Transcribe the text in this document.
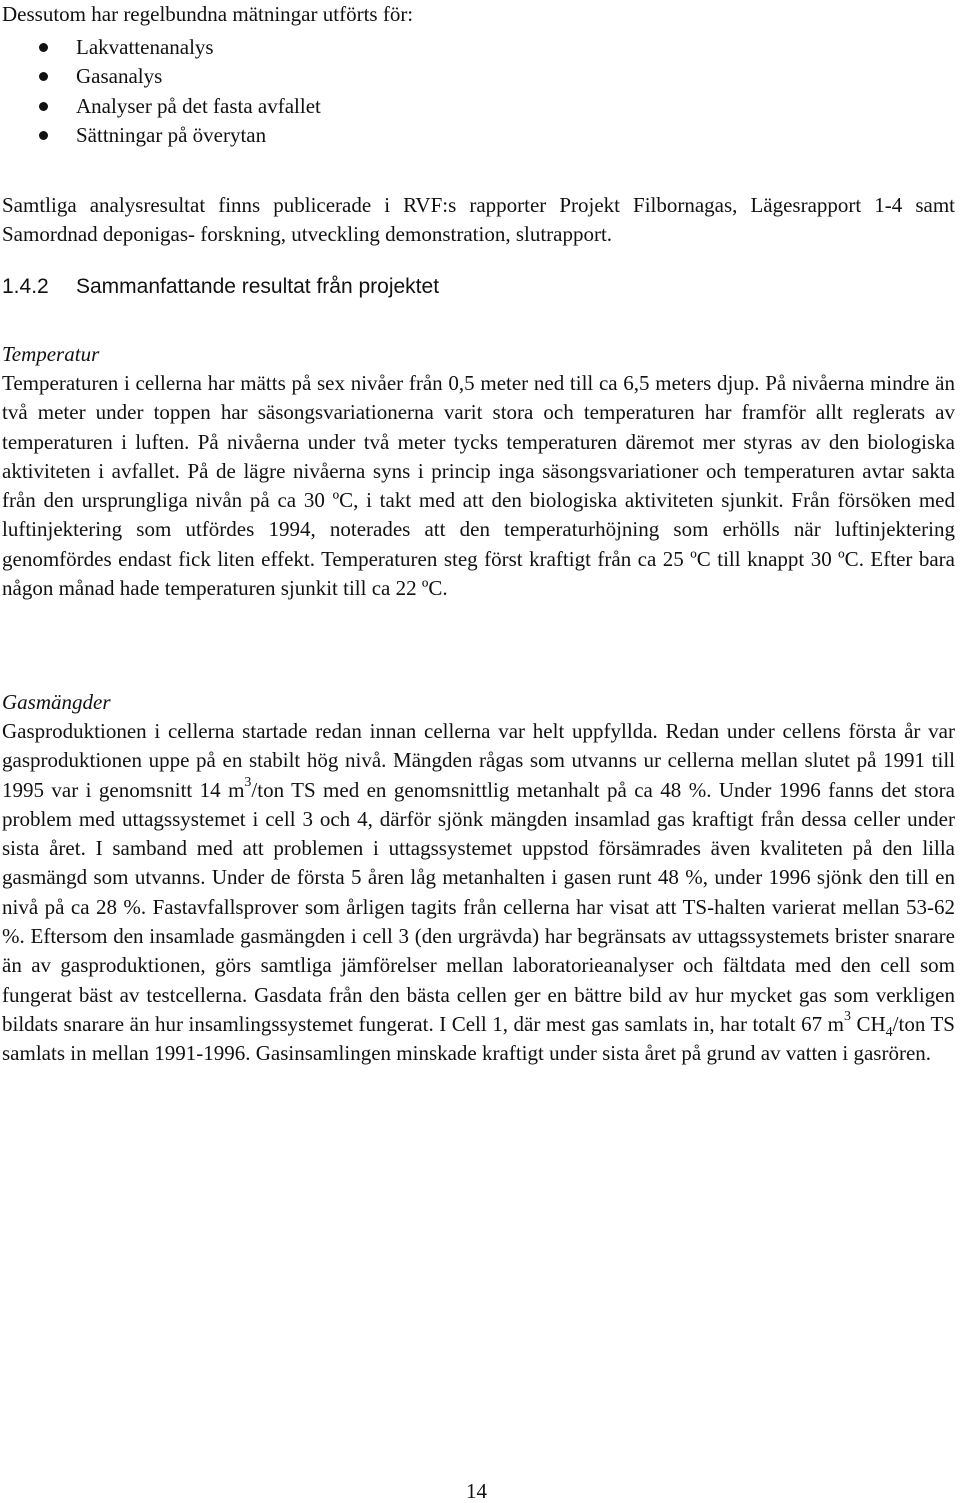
Dessutom har regelbundna mätningar utförts för:

Lakvattenanalys
Gasanalys
Analyser på det fasta avfallet
Sättningar på överytan

Samtliga analysresultat finns publicerade i RVF:s rapporter Projekt Filbornagas, Lägesrapport 1-4 samt Samordnad deponigas- forskning, utveckling demonstration, slutrapport.

1.4.2 Sammanfattande resultat från projektet

Temperatur

Temperaturen i cellerna har mätts på sex nivåer från 0,5 meter ned till ca 6,5 meters djup. På nivåerna mindre än två meter under toppen har säsongsvariationerna varit stora och temperaturen har framför allt reglerats av temperaturen i luften. På nivåerna under två meter tycks temperaturen däremot mer styras av den biologiska aktiviteten i avfallet. På de lägre nivåerna syns i princip inga säsongsvariationer och temperaturen avtar sakta från den ursprungliga nivån på ca 30 ºC, i takt med att den biologiska aktiviteten sjunkit. Från försöken med luftinjektering som utfördes 1994, noterades att den temperaturhöjning som erhölls när luftinjektering genomfördes endast fick liten effekt. Temperaturen steg först kraftigt från ca 25 ºC till knappt 30 ºC. Efter bara någon månad hade temperaturen sjunkit till ca 22 ºC.

Gasmängder

Gasproduktionen i cellerna startade redan innan cellerna var helt uppfyllda. Redan under cellens första år var gasproduktionen uppe på en stabilt hög nivå. Mängden rågas som utvanns ur cellerna mellan slutet på 1991 till 1995 var i genomsnitt 14 $m^3$/ton TS med en genomsnittlig metanhalt på ca 48 %. Under 1996 fanns det stora problem med uttagssystemet i cell 3 och 4, därför sjönk mängden insamlad gas kraftigt från dessa celler under sista året. I samband med att problemen i uttagssystemet uppstod försämrades även kvaliteten på den lilla gasmängd som utvanns. Under de första 5 åren låg metanhalten i gasen runt 48 %, under 1996 sjönk den till en nivå på ca 28 %. Fastavfallsprover som årligen tagits från cellerna har visat att TS-halten varierat mellan 53-62 %. Eftersom den insamlade gasmängden i cell 3 (den urgrävda) har begränsats av uttagssystemets brister snarare än av gasproduktionen, görs samtliga jämförelser mellan laboratorieanalyser och fältdata med den cell som fungerat bäst av testcellerna. Gasdata från den bästa cellen ger en bättre bild av hur mycket gas som verkligen bildats snarare än hur insamlingssystemet fungerat. I Cell 1, där mest gas samlats in, har totalt 67 $m^3$ $CH_4$/ton TS samlats in mellan 1991-1996. Gasinsamlingen minskade kraftigt under sista året på grund av vatten i gasrören.

14
